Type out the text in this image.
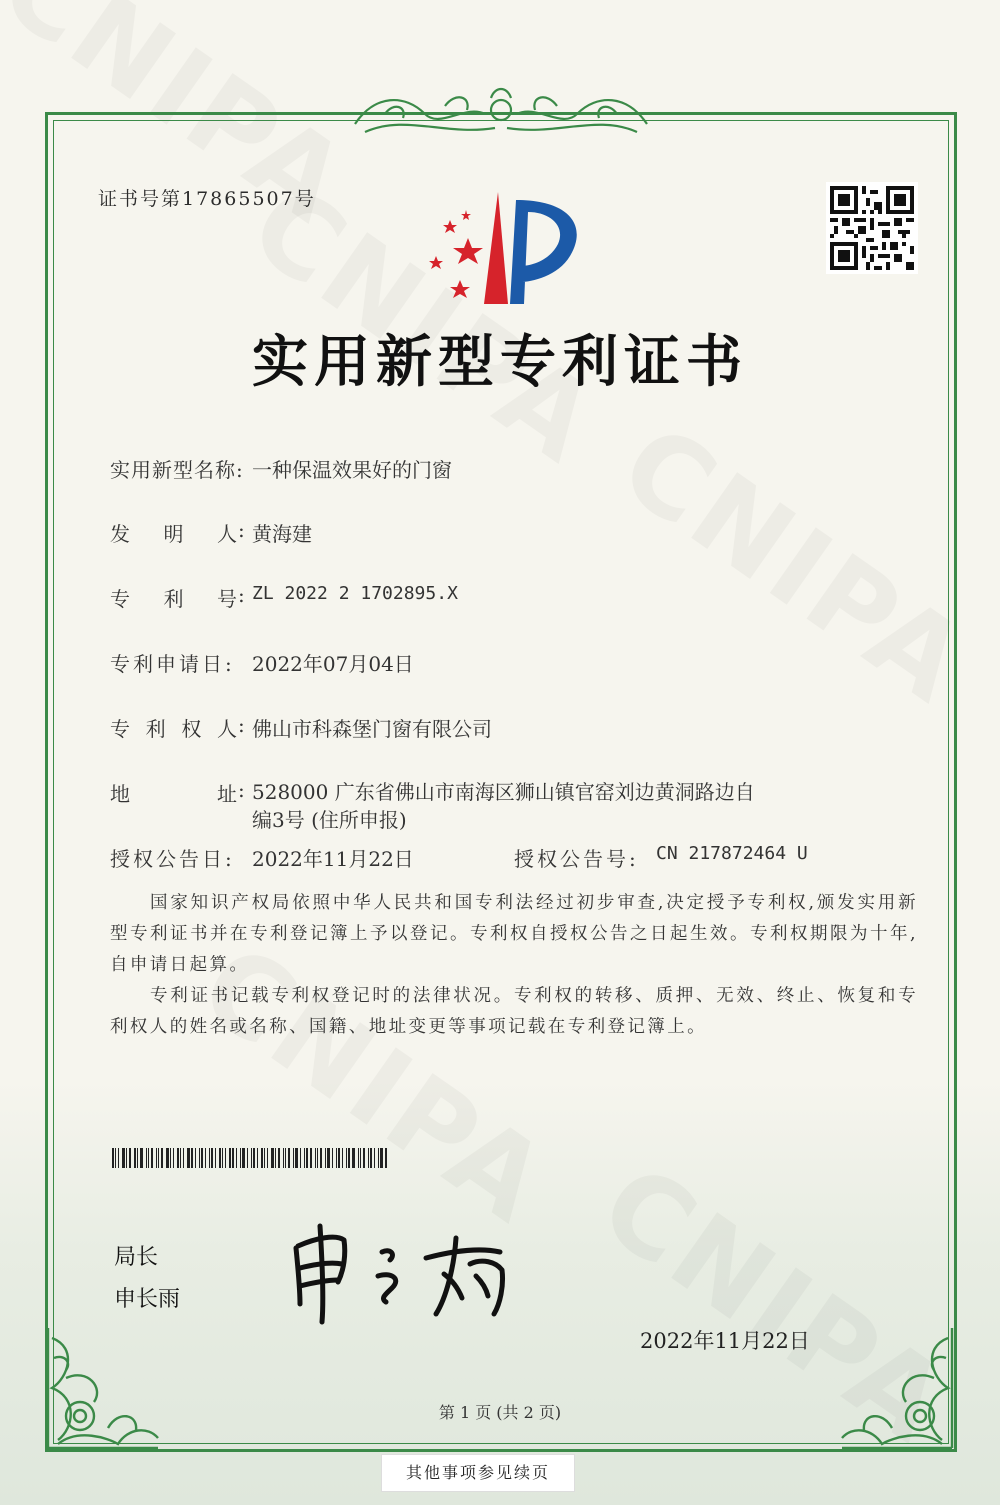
证书号第17865507号
实用新型专利证书
实用新型名称: 一种保温效果好的门窗
发 明 人 : 黄海建
专 利 号 : ZL 2022 2 1702895.X
专利申请日: 2022年07月04日
专 利 权 人 : 佛山市科森堡门窗有限公司
地	址 : 528000 广东省佛山市南海区狮山镇官窑刘边黄洞路边自
编3号 (住所申报)
授权公告日: 2022年11月22日	授权公告号: CN 217872464 U
国家知识产权局依照中华人民共和国专利法经过初步审查,决定授予专利权,颁发实用新型专利证书并在专利登记簿上予以登记。专利权自授权公告之日起生效。专利权期限为十年,自申请日起算。
专利证书记载专利权登记时的法律状况。专利权的转移、质押、无效、终止、恢复和专利权人的姓名或名称、国籍、地址变更等事项记载在专利登记簿上。
局长
申长雨
2022年11月22日
第 1 页 (共 2 页)
其他事项参见续页
